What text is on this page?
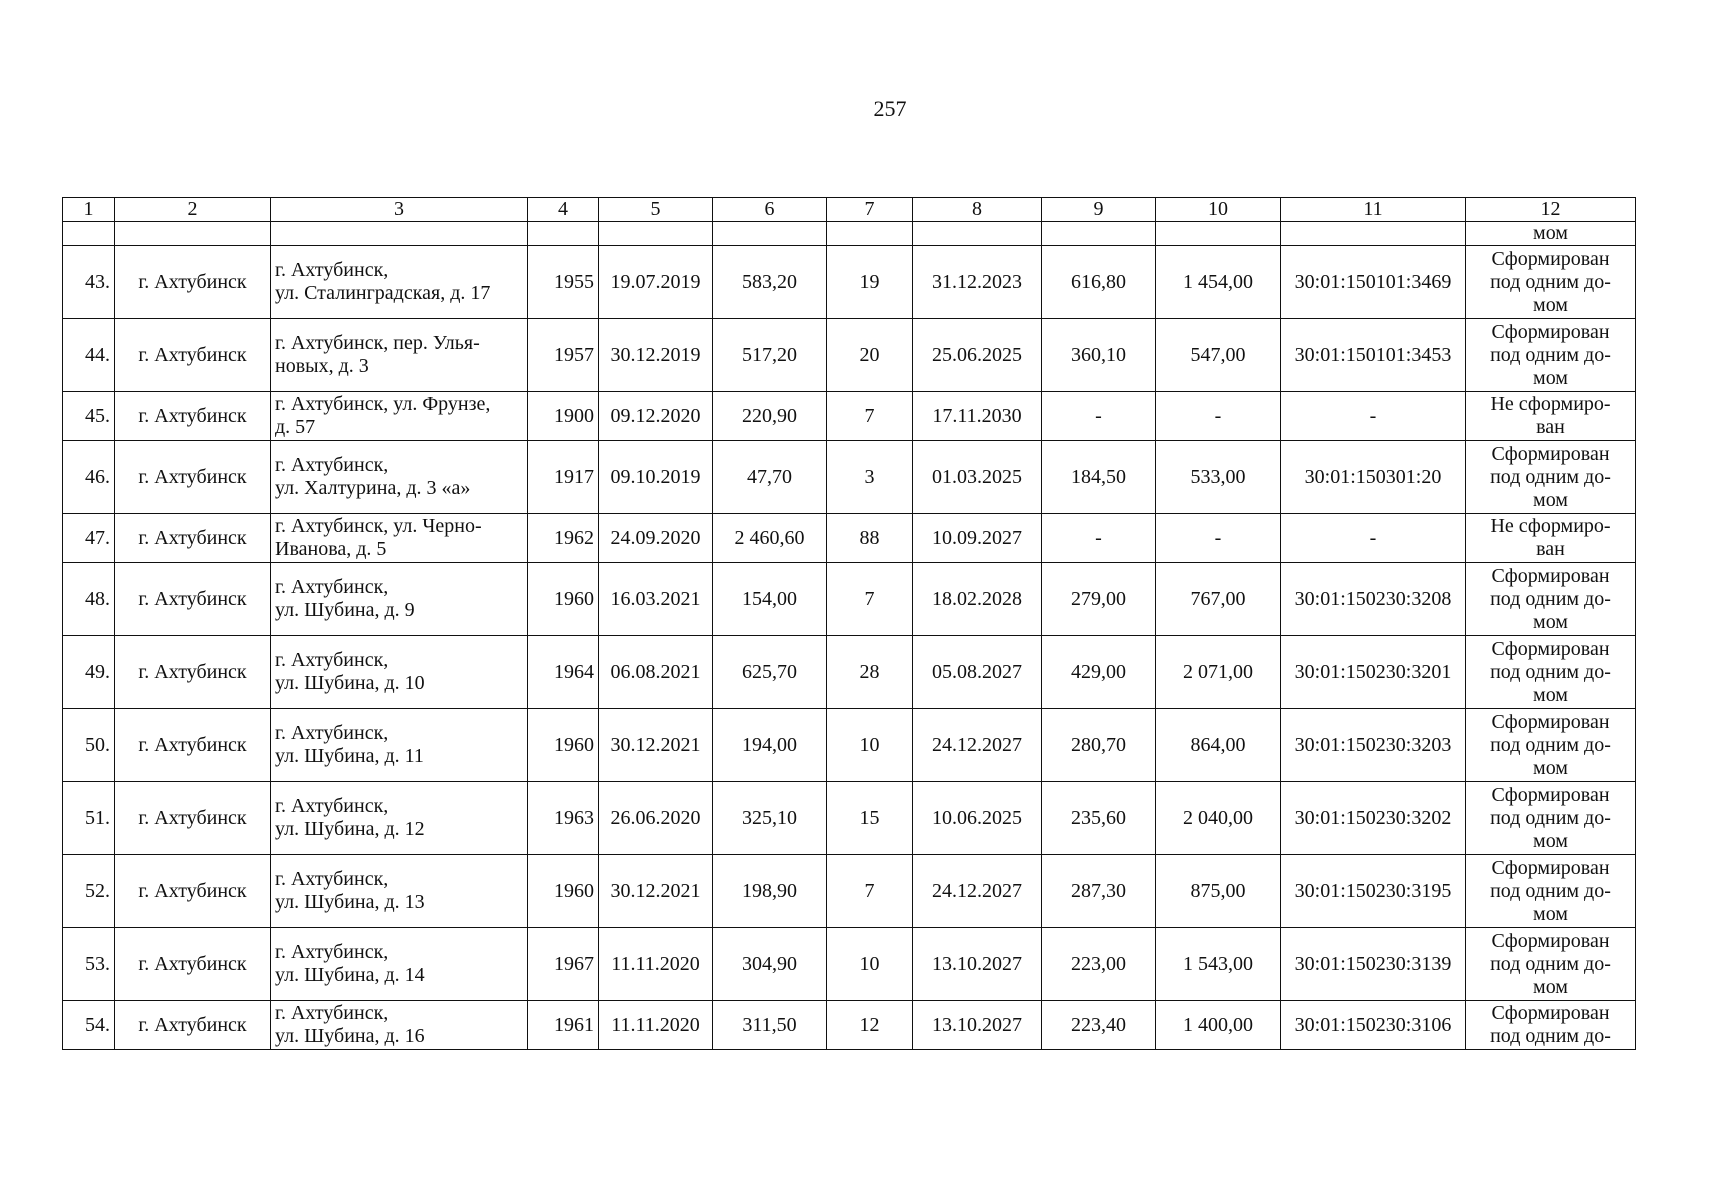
257
1	2	3	4	5	6	7	8	9	10	11	12
											мом
43.	г. Ахтубинск	г. Ахтубинск,
ул. Сталинградская, д. 17	1955	19.07.2019	583,20	19	31.12.2023	616,80	1 454,00	30:01:150101:3469	Сформирован
под одним до-
мом

44.	г. Ахтубинск	г. Ахтубинск, пер. Улья-
новых, д. 3	1957	30.12.2019	517,20	20	25.06.2025	360,10	547,00	30:01:150101:3453	Сформирован
под одним до-
мом

45.	г. Ахтубинск	г. Ахтубинск, ул. Фрунзе,
д. 57	1900	09.12.2020	220,90	7	17.11.2030	-	-	-	Не сформиро-
ван

46.	г. Ахтубинск	г. Ахтубинск,
ул. Халтурина, д. 3 «а»	1917	09.10.2019	47,70	3	01.03.2025	184,50	533,00	30:01:150301:20	Сформирован
под одним до-
мом

47.	г. Ахтубинск	г. Ахтубинск, ул. Черно-
Иванова, д. 5	1962	24.09.2020	2 460,60	88	10.09.2027	-	-	-	Не сформиро-
ван

48.	г. Ахтубинск	г. Ахтубинск,
ул. Шубина, д. 9	1960	16.03.2021	154,00	7	18.02.2028	279,00	767,00	30:01:150230:3208	Сформирован
под одним до-
мом

49.	г. Ахтубинск	г. Ахтубинск,
ул. Шубина, д. 10	1964	06.08.2021	625,70	28	05.08.2027	429,00	2 071,00	30:01:150230:3201	Сформирован
под одним до-
мом

50.	г. Ахтубинск	г. Ахтубинск,
ул. Шубина, д. 11	1960	30.12.2021	194,00	10	24.12.2027	280,70	864,00	30:01:150230:3203	Сформирован
под одним до-
мом

51.	г. Ахтубинск	г. Ахтубинск,
ул. Шубина, д. 12	1963	26.06.2020	325,10	15	10.06.2025	235,60	2 040,00	30:01:150230:3202	Сформирован
под одним до-
мом

52.	г. Ахтубинск	г. Ахтубинск,
ул. Шубина, д. 13	1960	30.12.2021	198,90	7	24.12.2027	287,30	875,00	30:01:150230:3195	Сформирован
под одним до-
мом

53.	г. Ахтубинск	г. Ахтубинск,
ул. Шубина, д. 14	1967	11.11.2020	304,90	10	13.10.2027	223,00	1 543,00	30:01:150230:3139	Сформирован
под одним до-
мом

54.	г. Ахтубинск	г. Ахтубинск,
ул. Шубина, д. 16	1961	11.11.2020	311,50	12	13.10.2027	223,40	1 400,00	30:01:150230:3106	Сформирован
под одним до-
